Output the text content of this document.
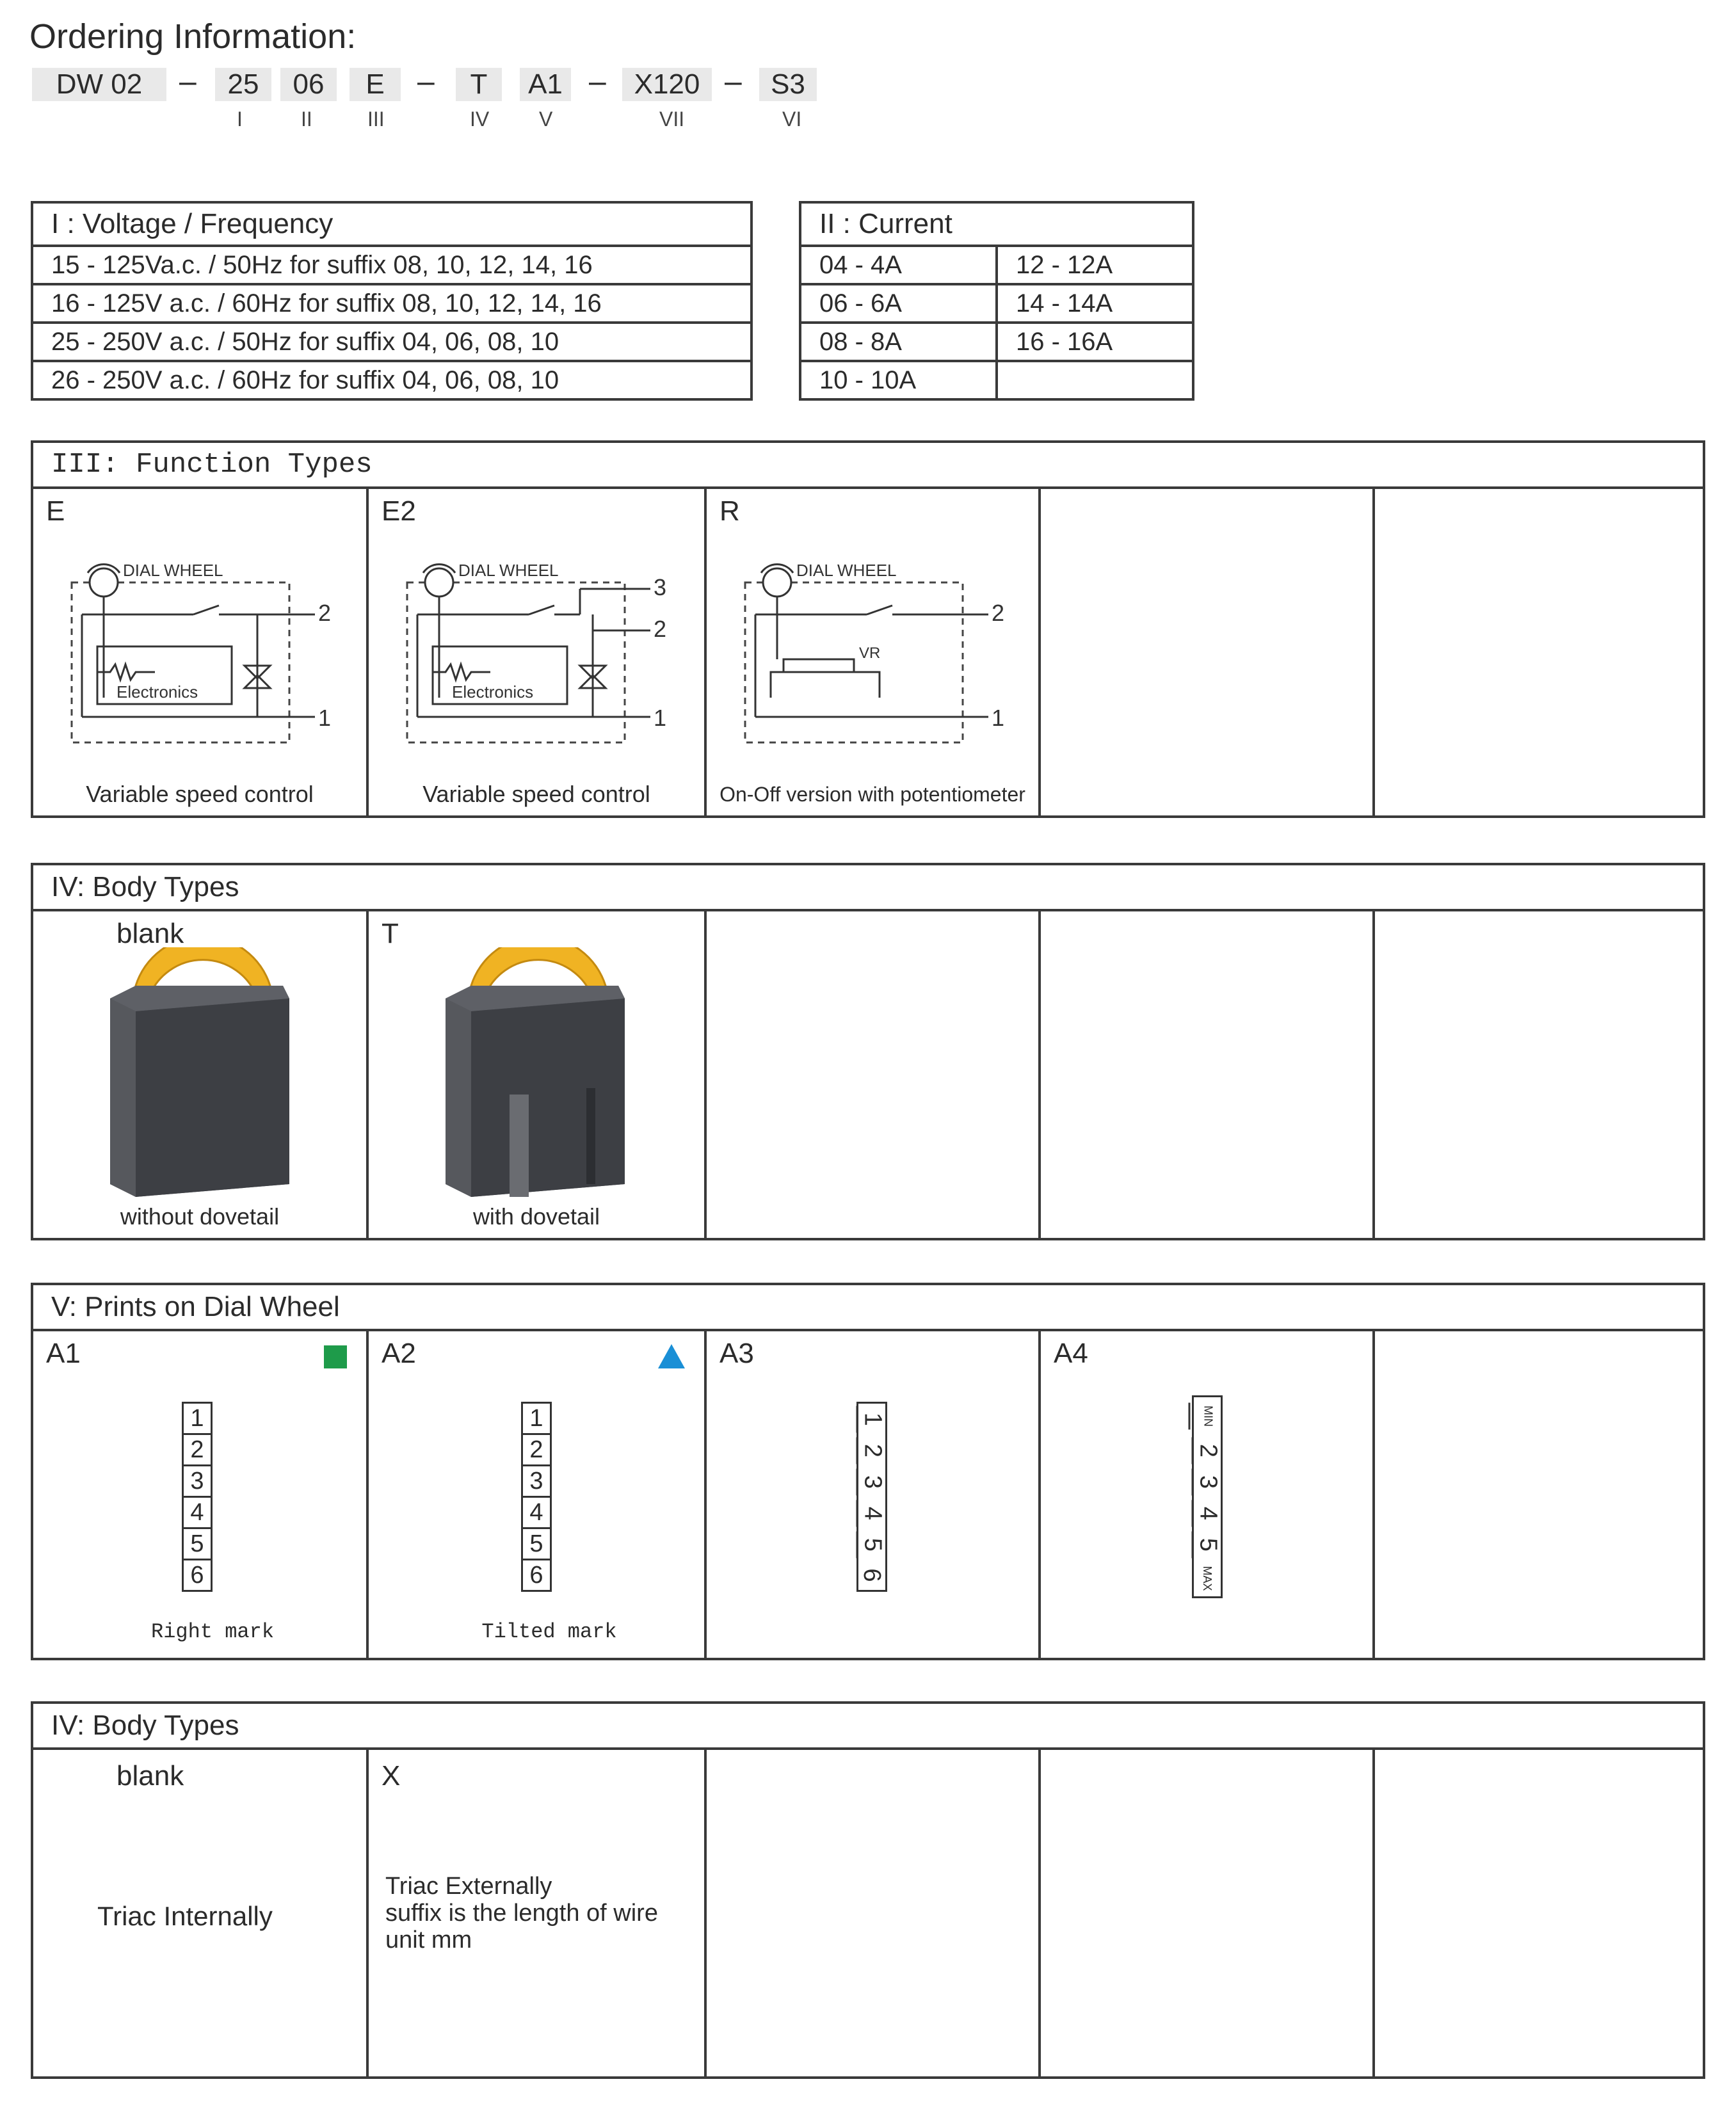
Ordering Information:
DW 02	–	25	06	E	–	T	A1 – X120 –	S3
I	II	III	IV V	VII	VI
I : Voltage / Frequency
15 - 125Va.c. / 50Hz for suffix 08, 10, 12, 14, 16
16 - 125V a.c. / 60Hz for suffix 08, 10, 12, 14, 16
25 - 250V a.c. / 50Hz for suffix 04, 06, 08, 10
26 - 250V a.c. / 60Hz for suffix 04, 06, 08, 10
II : Current	
04 - 4A	12 - 12A
06 - 6A	14 - 14A
08 - 8A	16 - 16A
10 - 10A	
III: Function Types
E
DIAL WHEEL
Electronics
2
1
Variable speed control
E2
DIAL WHEEL
Electronics
3
2
1
Variable speed control
R
VR
DIAL WHEEL
2
1
On-Off version with potentiometer
IV: Body Types
blank
without dovetail
T
with dovetail
V: Prints on Dial Wheel
A1
1
2
3
4
5
6
Right mark
A2
1
2
3
4
5
6
Tilted mark
A3
1
2
3
4
5
6
A4
MIN
2
3
4
5
MAX
IV: Body Types
blank
Triac Internally
X
Triac Externally
suffix is the length of wire
unit mm
